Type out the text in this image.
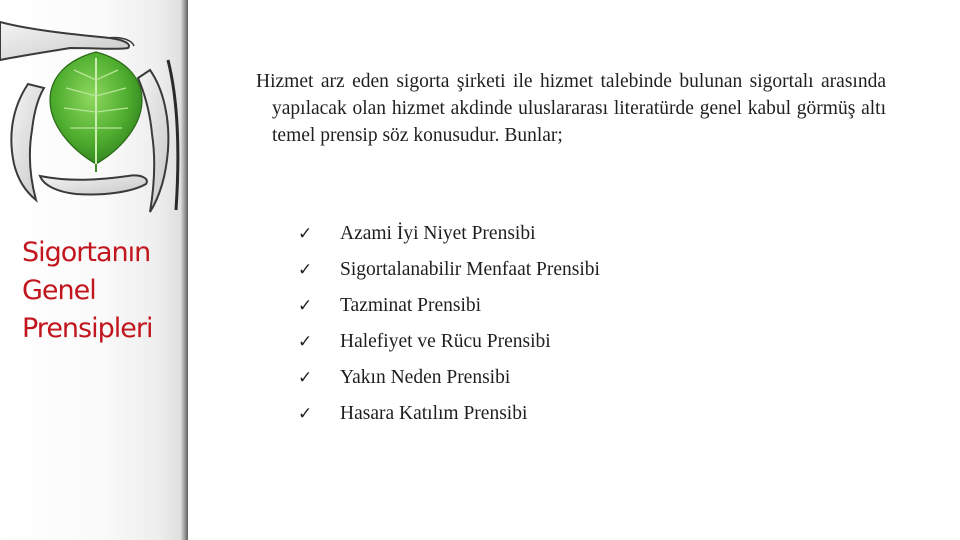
Sigortanın
Genel
Prensipleri

Hizmet arz eden sigorta şirketi ile hizmet talebinde bulunan sigortalı arasında yapılacak olan hizmet akdinde uluslararası literatürde genel kabul görmüş altı temel prensip söz konusudur. Bunlar;

✓	Azami İyi Niyet Prensibi
✓	Sigortalanabilir Menfaat Prensibi
✓	Tazminat Prensibi
✓	Halefiyet ve Rücu Prensibi
✓	Yakın Neden Prensibi
✓	Hasara Katılım Prensibi
